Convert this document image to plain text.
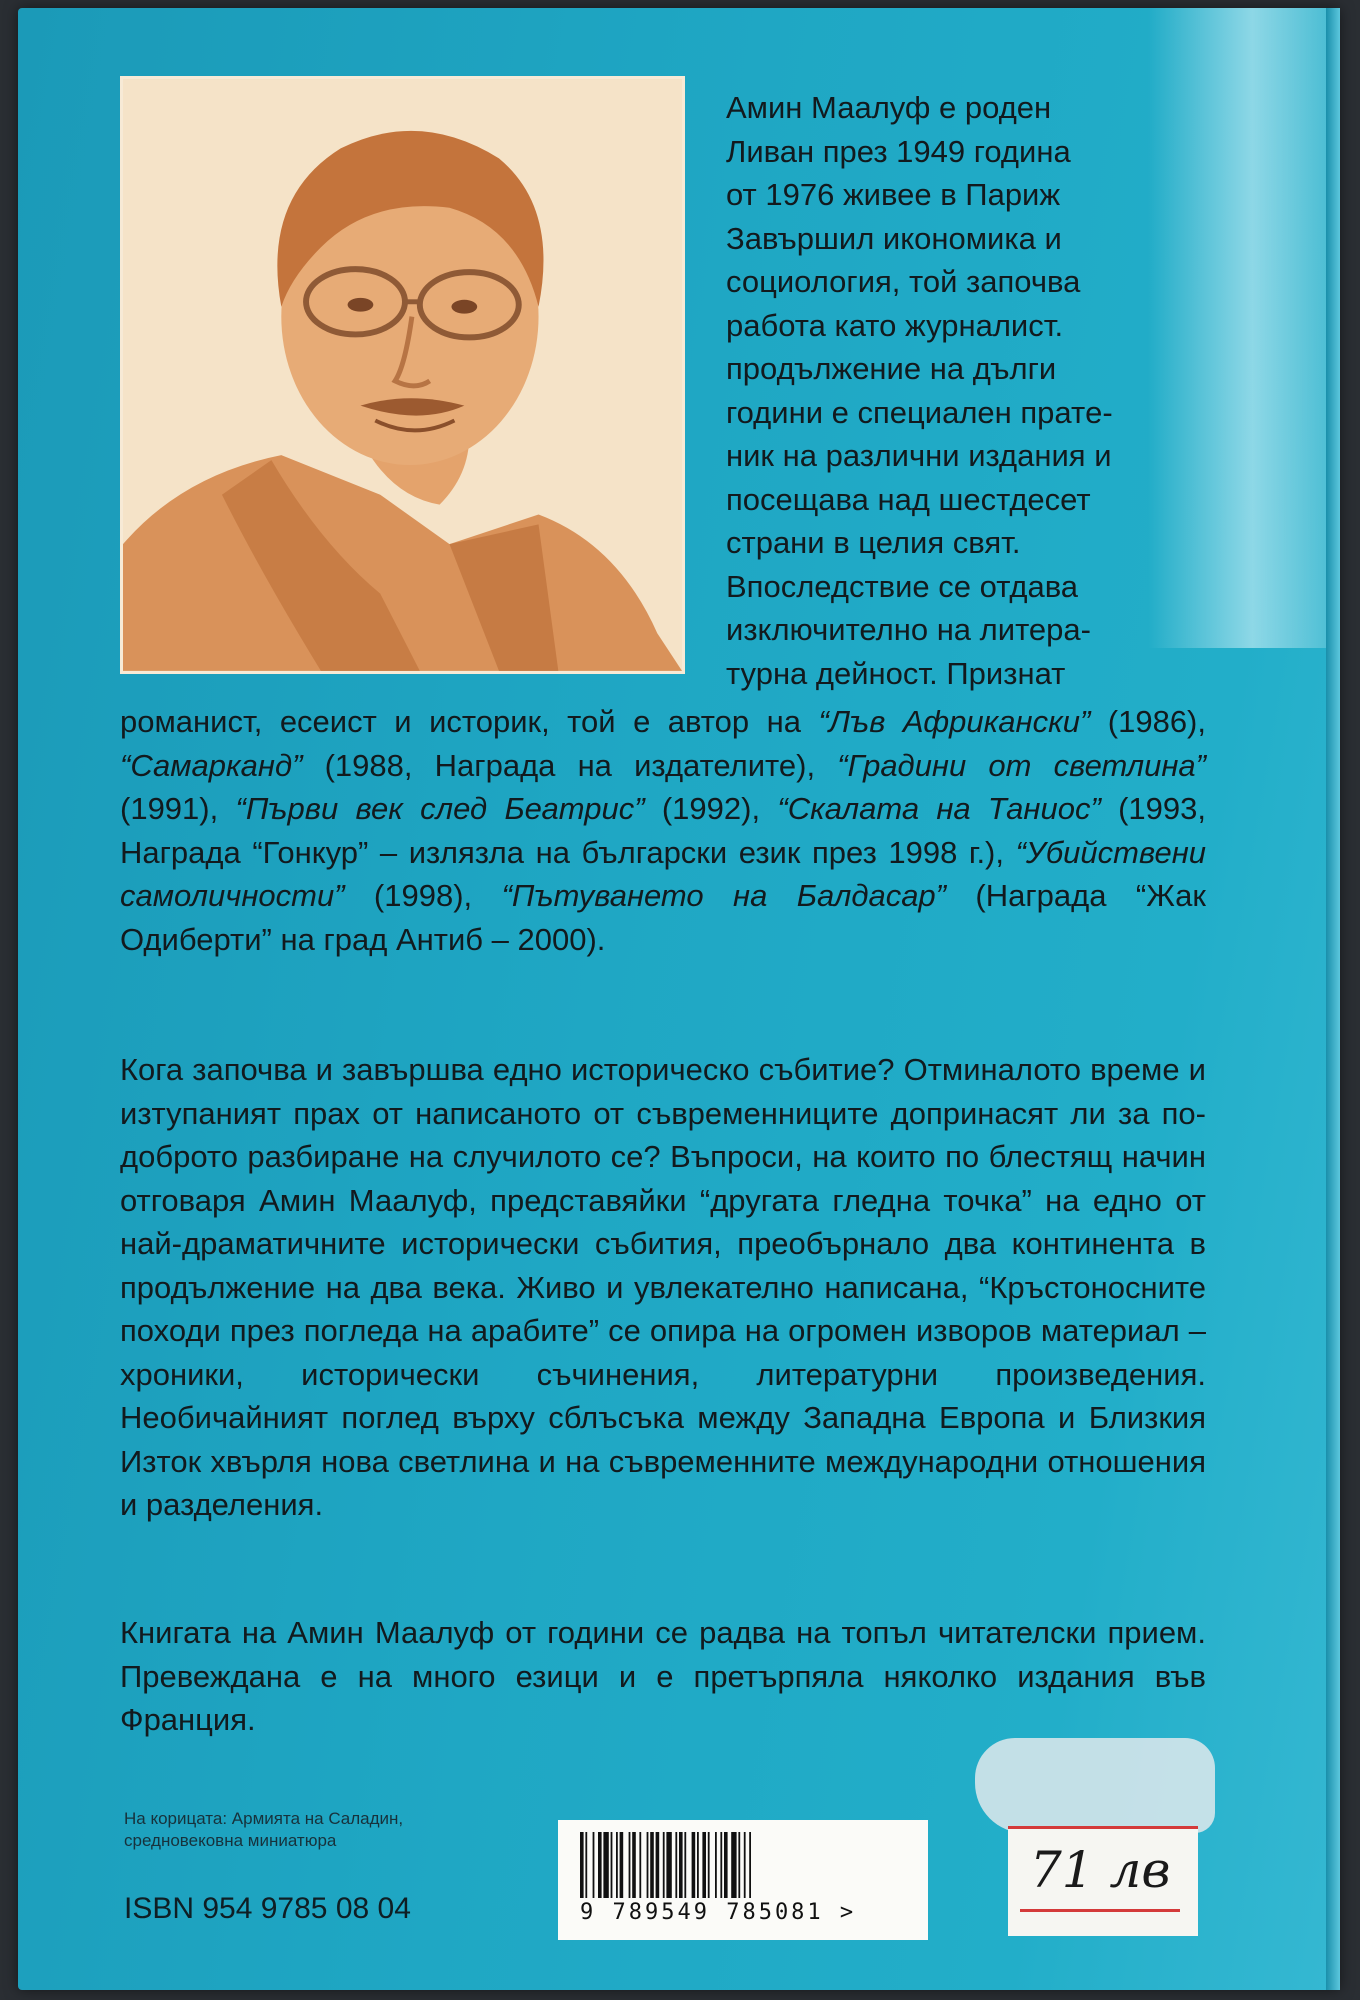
Амин Маалуф е роден
Ливан през 1949 година
от 1976 живее в Париж
Завършил икономика и
социология, той започва
работа като журналист.
продължение на дълги
години е специален пратe-
ник на различни издания и
посещава над шестдесет
страни в целия свят.
Впоследствие се отдава
изключително на литера-
турна дейност. Признат

романист, есеист и историк, той е автор на “Лъв Африкански” (1986), “Самарканд” (1988, Награда на издателите), “Градини от светлина” (1991), “Първи век след Беатрис” (1992), “Скалата на Таниос” (1993, Награда “Гонкур” – излязла на български език през 1998 г.), “Убийствени самоличности” (1998), “Пътуването на Балдасар” (Награда “Жак Одиберти” на град Антиб – 2000).

Кога започва и завършва едно историческо събитие? Отминалото време и изтупаният прах от написаното от съвременниците допринасят ли за по-доброто разбиране на случилото се? Въпроси, на които по блестящ начин отговаря Амин Маалуф, представяйки “другата гледна точка” на едно от най-драматичните исторически събития, преобърнало два континента в продължение на два века. Живо и увлекателно написана, “Кръстоносните походи през погледа на арабите” се опира на огромен изворов материал – хроники, исторически съчинения, литературни произведения. Необичайният поглед върху сблъсъка между Западна Европа и Близкия Изток хвърля нова светлина и на съвременните международни отношения и разделения.

Книгата на Амин Маалуф от години се радва на топъл читателски прием. Превеждана е на много езици и е претърпяла няколко издания във Франция.

На корицата: Армията на Саладин,
средновековна миниатюра

ISBN 954 9785 08 04	9 789549 785081 >
71 лв
